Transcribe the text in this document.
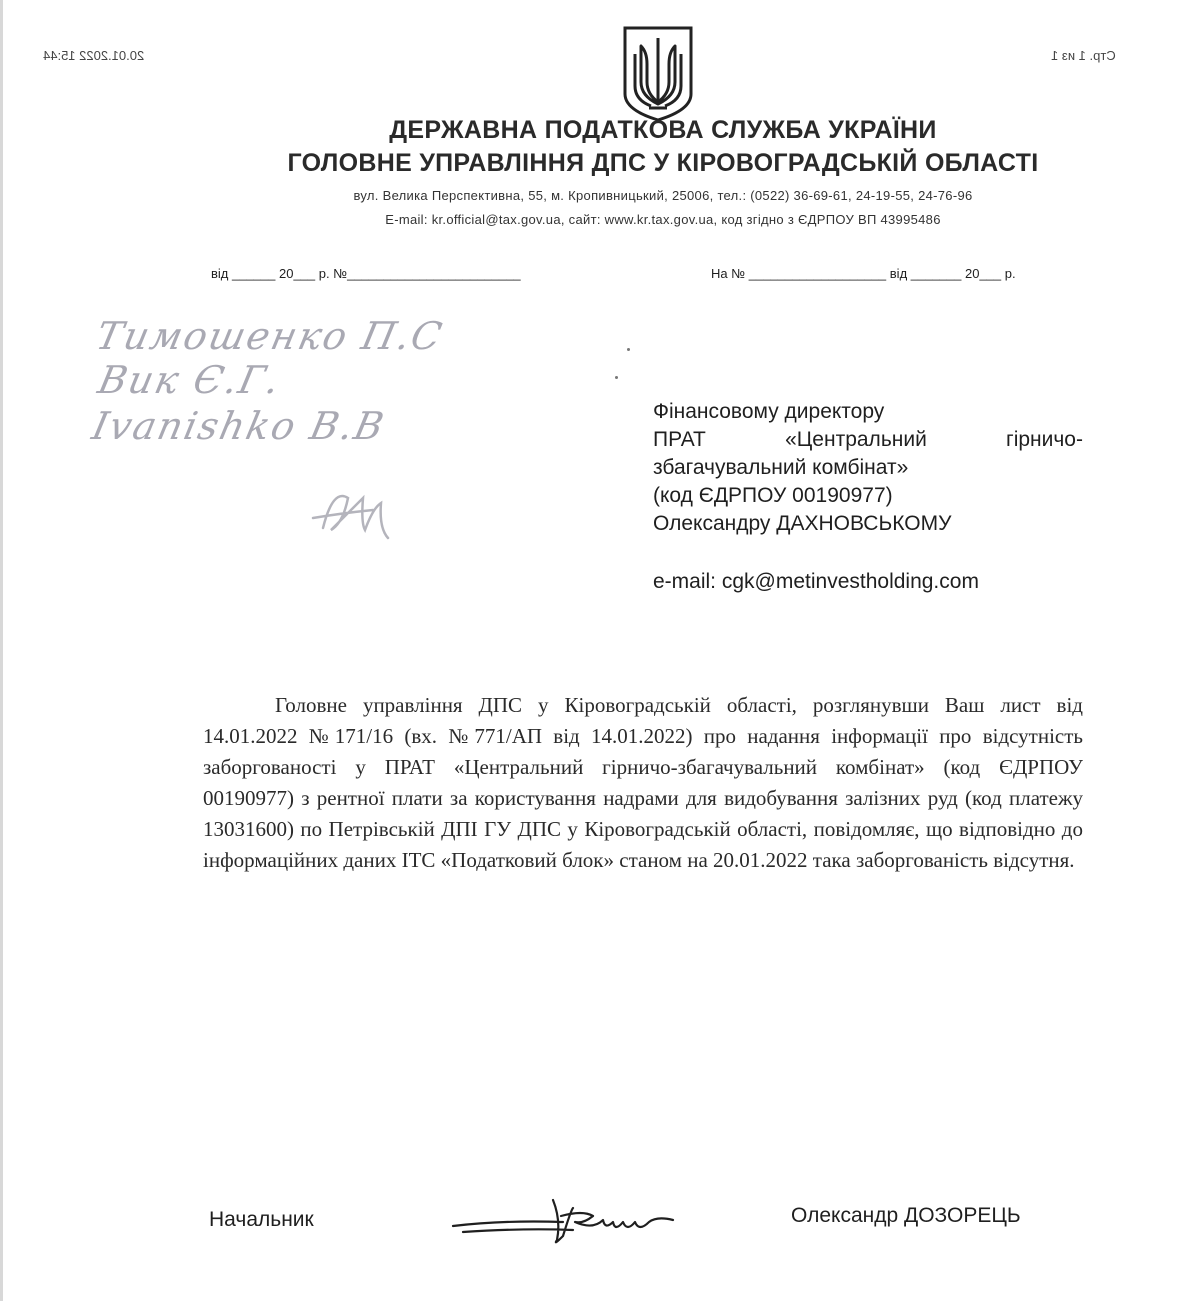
20.01.2022 15:44	Стр. 1 из 1
ДЕРЖАВНА ПОДАТКОВА СЛУЖБА УКРАЇНИ
ГОЛОВНЕ УПРАВЛІННЯ ДПС У КІРОВОГРАДСЬКІЙ ОБЛАСТІ
вул. Велика Перспективна, 55, м. Кропивницький, 25006, тел.: (0522) 36-69-61, 24-19-55, 24-76-96
E-mail: kr.official@tax.gov.ua, сайт: www.kr.tax.gov.ua, код згідно з ЄДРПОУ ВП 43995486
від ______ 20___ р. №________________________	На № ___________________ від _______ 20___ р.
Тимошенко П.С
Вик Є.Г.
Ivanishko В.В	Фінансовому директору
ПРАТ	«Центральний	гірничо-
збагачувальний комбінат»
(код ЄДРПОУ 00190977)
Олександру ДАХНОВСЬКОМУ
e-mail: cgk@metinvestholding.com
Головне управління ДПС у Кіровоградській області, розглянувши Ваш лист від 14.01.2022 №171/16 (вх. №771/АП від 14.01.2022) про надання інформації про відсутність заборгованості у ПРАТ «Центральний гірничо-збагачувальний комбінат» (код ЄДРПОУ 00190977) з рентної плати за користування надрами для видобування залізних руд (код платежу 13031600) по Петрівській ДПІ ГУ ДПС у Кіровоградській області, повідомляє, що відповідно до інформаційних даних ІТС «Податковий блок» станом на 20.01.2022 така заборгованість відсутня.
Начальник	Олександр ДОЗОРЕЦЬ
